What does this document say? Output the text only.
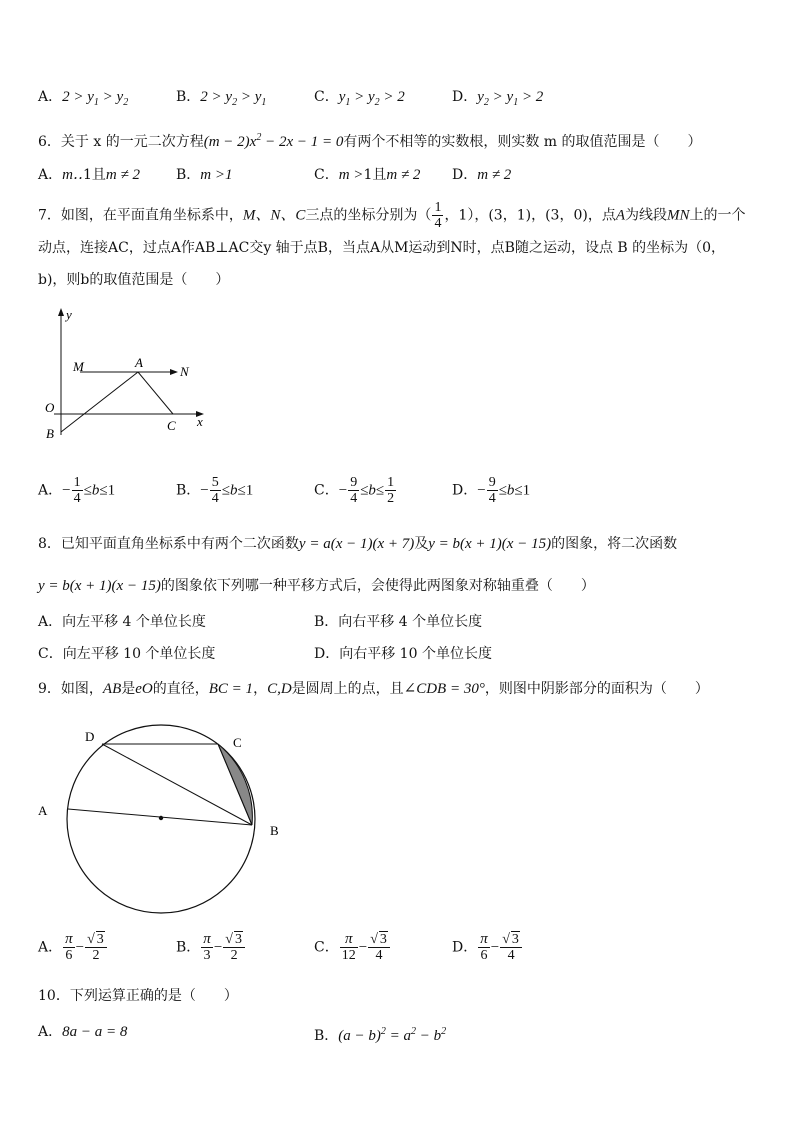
A．$2 > y_1 > y_2$	B．$2 > y_2 > y_1$	C．$y_1 > y_2 > 2$	D．$y_2 > y_1 > 2$
6．关于 x 的一元二次方程$(m - 2)x^2 - 2x - 1 = 0$有两个不相等的实数根，则实数 m 的取值范围是（　　）
A．m‥1且m ≠ 2	B．m >1	C．m >1且m ≠ 2 D．m ≠ 2
7．如图，在平面直角坐标系中，M、N、C三点的坐标分别为（ $\frac{1}{4}$ ，1），(3，1)，(3，0)，点A为线段MN上的一个
动点，连接AC，过点A作AB⊥AC交y 轴于点B，当点A从M运动到N时，点B随之运动，设点 B 的坐标为（0，
b)，则b的取值范围是（　　）
y
O
M	A
N
B
C x
A．− $\frac{1}{4} \le b\le 1$	B．− $\frac{5}{4} \le b\le 1$	C．− $\frac{9}{4} \le b\le \frac{1}{2}$	D．− $\frac{9}{4} \le b\le 1$
8．已知平面直角坐标系中有两个二次函数y = a(x − 1)(x + 7)及y = b(x + 1)(x − 15)的图象，将二次函数
y = b(x + 1)(x − 15)的图象依下列哪一种平移方式后，会使得此两图象对称轴重叠（　　）
A．向左平移 4 个单位长度	B．向右平移 4 个单位长度
C．向左平移 10 个单位长度	D．向右平移 10 个单位长度
9．如图，AB是eO的直径，BC = 1，C,D是圆周上的点，且∠CDB = 30°，则图中阴影部分的面积为（　　）
D	C
A
B
A． $\frac{\pi}{6} - \frac{√ 3}{2}$	B． $\frac{\pi}{3} - \frac{√ 3}{2}$	C． $\frac{\pi}{12} - \frac{√ 3}{4}$	D． $\frac{\pi}{6} - \frac{√ 3}{4}$
10．下列运算正确的是（　　）
A．8a − a = 8	B．$(a - b)^2 = a^2 - b^2$
